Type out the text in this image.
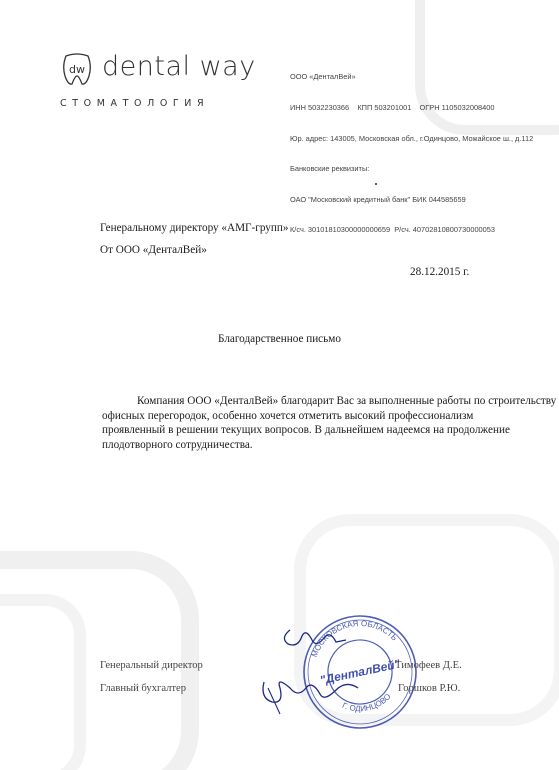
dw dental way
СТОМАТОЛОГИЯ

ООО «ДенталВей»

ИНН 5032230366    КПП 503201001    ОГРН 1105032008400

Юр. адрес: 143005, Московская обл., г.Одинцово, Можайское ш., д.112

Банковские реквизиты:

ОАО "Московский кредитный банк" БИК 044585659

К/сч. 30101810300000000659  Р/сч. 40702810800730000053

Генеральному директору «АМГ-групп»
От ООО «ДенталВей»
28.12.2015 г.
Благодарственное письмо
Компания ООО «ДенталВей» благодарит Вас за выполненные работы по строительству
офисных перегородок, особенно хочется отметить высокий профессионализм
проявленный в решении текущих вопросов. В дальнейшем надеемся на продолжение
плодотворного сотрудничества.
МОСКОВСКАЯ ОБЛАСТЬ
Г. ОДИНЦОВО
"ДенталВей"
Генеральный директор
Главный бухгалтер
Тимофеев Д.Е.
Горшков Р.Ю.
